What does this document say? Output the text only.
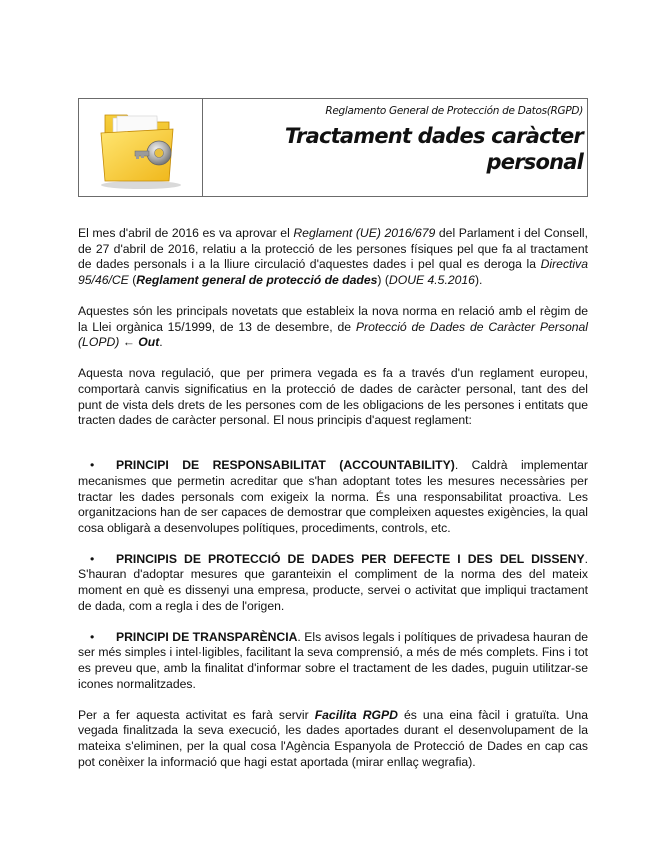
Reglamento General de Protección de Datos(RGPD)
Tractament dades caràcter personal

El mes d'abril de 2016 es va aprovar el Reglament (UE) 2016/679 del Parlament i del Consell, de 27 d'abril de 2016, relatiu a la protecció de les persones físiques pel que fa al tractament de dades personals i a la lliure circulació d'aquestes dades i pel qual es deroga la Directiva 95/46/CE (Reglament general de protecció de dades) (DOUE 4.5.2016).

Aquestes són les principals novetats que estableix la nova norma en relació amb el règim de la Llei orgànica 15/1999, de 13 de desembre, de Protecció de Dades de Caràcter Personal (LOPD) ← Out.

Aquesta nova regulació, que per primera vegada es fa a través d'un reglament europeu, comportarà canvis significatius en la protecció de dades de caràcter personal, tant des del punt de vista dels drets de les persones com de les obligacions de les persones i entitats que tracten dades de caràcter personal. El nous principis d'aquest reglament:

• PRINCIPI DE RESPONSABILITAT (ACCOUNTABILITY). Caldrà implementar mecanismes que permetin acreditar que s'han adoptant totes les mesures necessàries per tractar les dades personals com exigeix la norma. És una responsabilitat proactiva. Les organitzacions han de ser capaces de demostrar que compleixen aquestes exigències, la qual cosa obligarà a desenvolupes polítiques, procediments, controls, etc.

• PRINCIPIS DE PROTECCIÓ DE DADES PER DEFECTE I DES DEL DISSENY. S'hauran d'adoptar mesures que garanteixin el compliment de la norma des del mateix moment en què es dissenyi una empresa, producte, servei o activitat que impliqui tractament de dada, com a regla i des de l'origen.

• PRINCIPI DE TRANSPARÈNCIA. Els avisos legals i polítiques de privadesa hauran de ser més simples i intel·ligibles, facilitant la seva comprensió, a més de més complets. Fins i tot es preveu que, amb la finalitat d'informar sobre el tractament de les dades, puguin utilitzar-se icones normalitzades.

Per a fer aquesta activitat es farà servir Facilita RGPD és una eina fàcil i gratuïta. Una vegada finalitzada la seva execució, les dades aportades durant el desenvolupament de la mateixa s'eliminen, per la qual cosa l'Agència Espanyola de Protecció de Dades en cap cas pot conèixer la informació que hagi estat aportada (mirar enllaç wegrafia).
